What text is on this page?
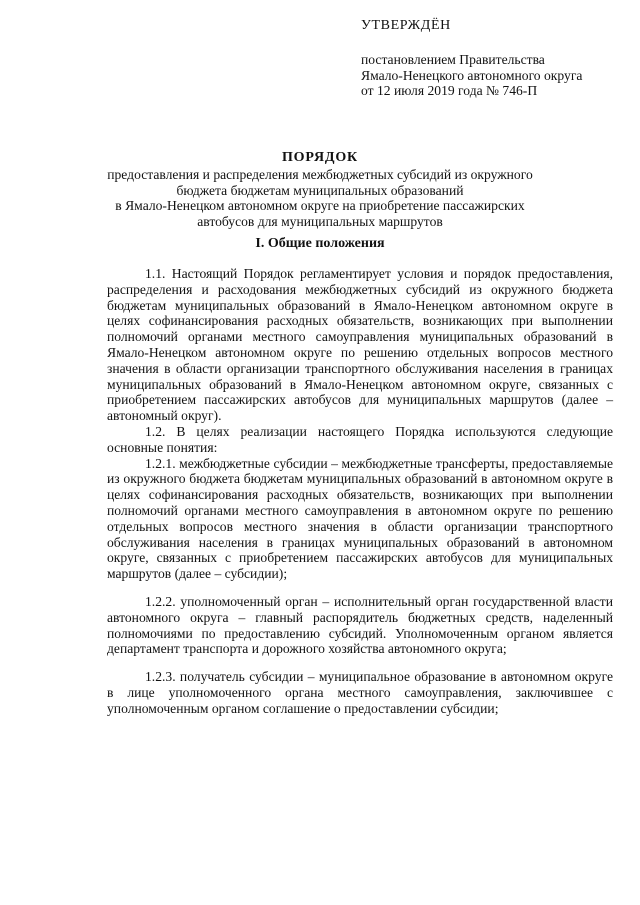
УТВЕРЖДЁН
постановлением Правительства
Ямало-Ненецкого автономного округа
от 12 июля 2019 года № 746-П
ПОРЯДОК
предоставления и распределения межбюджетных субсидий из окружного
бюджета бюджетам муниципальных образований
в Ямало-Ненецком автономном округе на приобретение пассажирских
автобусов для муниципальных маршрутов
I. Общие положения

1.1. Настоящий Порядок регламентирует условия и порядок предоставления, распределения и расходования межбюджетных субсидий из окружного бюджета бюджетам муниципальных образований в Ямало-Ненецком автономном округе в целях софинансирования расходных обязательств, возникающих при выполнении полномочий органами местного самоуправления муниципальных образований в Ямало-Ненецком автономном округе по решению отдельных вопросов местного значения в области организации транспортного обслуживания населения в границах муниципальных образований в Ямало-Ненецком автономном округе, связанных с приобретением пассажирских автобусов для муниципальных маршрутов (далее – автономный округ).

1.2. В целях реализации настоящего Порядка используются следующие основные понятия:

1.2.1. межбюджетные субсидии – межбюджетные трансферты, предоставляемые из окружного бюджета бюджетам муниципальных образований в автономном округе в целях софинансирования расходных обязательств, возникающих при выполнении полномочий органами местного самоуправления в автономном округе по решению отдельных вопросов местного значения в области организации транспортного обслуживания населения в границах муниципальных образований в автономном округе, связанных с приобретением пассажирских автобусов для муниципальных маршрутов (далее – субсидии);

1.2.2. уполномоченный орган – исполнительный орган государственной власти автономного округа – главный распорядитель бюджетных средств, наделенный полномочиями по предоставлению субсидий. Уполномоченным органом является департамент транспорта и дорожного хозяйства автономного округа;

1.2.3. получатель субсидии – муниципальное образование в автономном округе в лице уполномоченного органа местного самоуправления, заключившее с уполномоченным органом соглашение о предоставлении субсидии;
